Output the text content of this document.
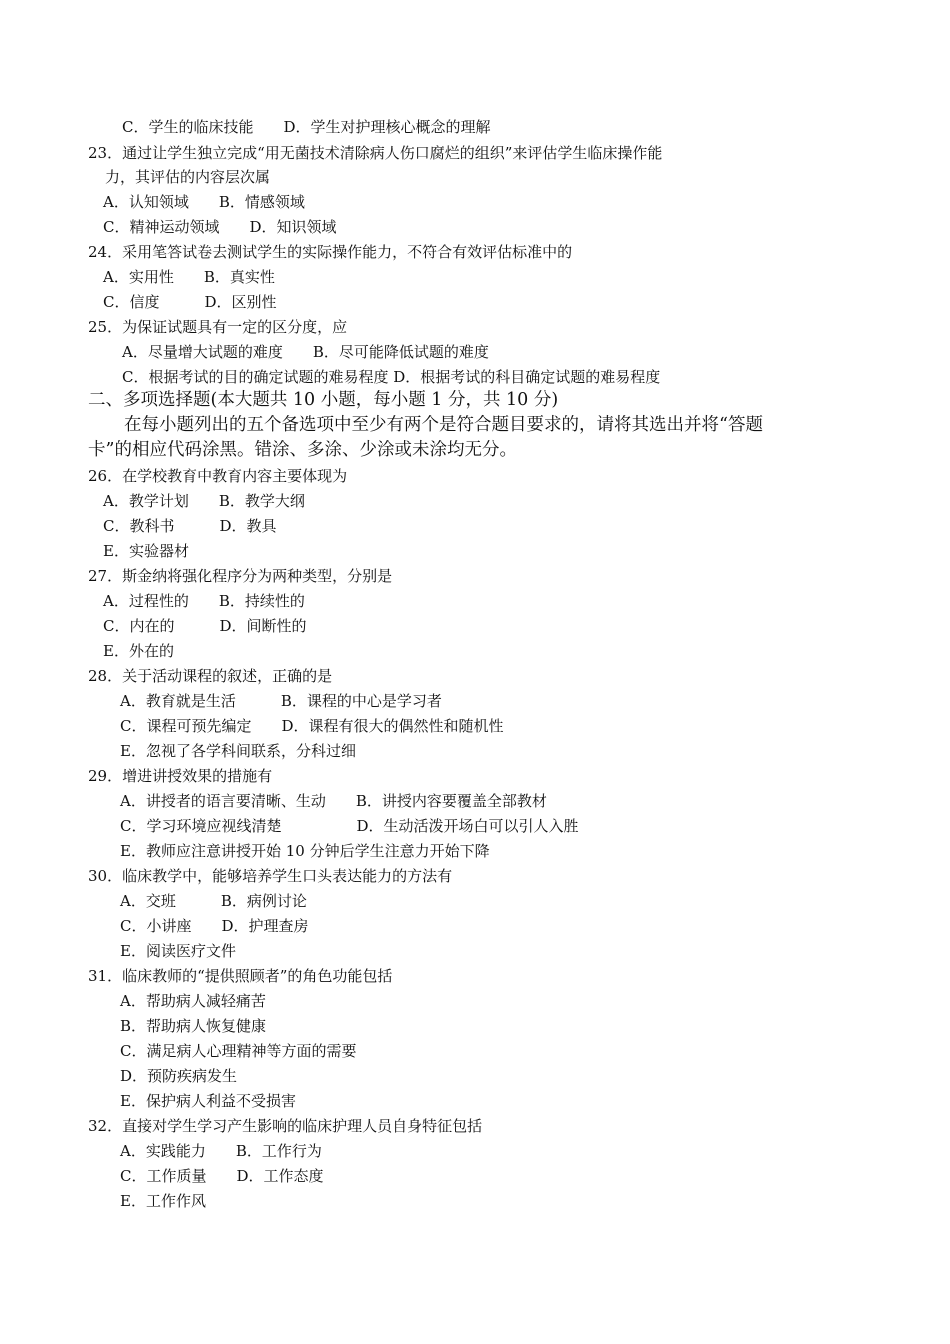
C．学生的临床技能　　D．学生对护理核心概念的理解
23．通过让学生独立完成“用无菌技术清除病人伤口腐烂的组织”来评估学生临床操作能
力，其评估的内容层次属
A．认知领域　　B．情感领域
C．精神运动领域　　D．知识领域
24．采用笔答试卷去测试学生的实际操作能力，不符合有效评估标准中的
A．实用性　　B．真实性
C．信度　　　D．区别性
25．为保证试题具有一定的区分度，应
A．尽量增大试题的难度　　B．尽可能降低试题的难度
C．根据考试的目的确定试题的难易程度 D．根据考试的科目确定试题的难易程度
二、多项选择题(本大题共 10 小题，每小题 1 分，共 10 分)
在每小题列出的五个备选项中至少有两个是符合题目要求的，请将其选出并将“答题
卡”的相应代码涂黑。错涂、多涂、少涂或未涂均无分。
26．在学校教育中教育内容主要体现为
A．教学计划　　B．教学大纲
C．教科书　　　D．教具
E．实验器材
27．斯金纳将强化程序分为两种类型，分别是
A．过程性的　　B．持续性的
C．内在的　　　D．间断性的
E．外在的
28．关于活动课程的叙述，正确的是
A．教育就是生活　　　B．课程的中心是学习者
C．课程可预先编定　　D．课程有很大的偶然性和随机性
E．忽视了各学科间联系，分科过细
29．增进讲授效果的措施有
A．讲授者的语言要清晰、生动　　B．讲授内容要覆盖全部教材
C．学习环境应视线清楚　　　　　D．生动活泼开场白可以引人入胜
E．教师应注意讲授开始 10 分钟后学生注意力开始下降
30．临床教学中，能够培养学生口头表达能力的方法有
A．交班　　　B．病例讨论
C．小讲座　　D．护理查房
E．阅读医疗文件
31．临床教师的“提供照顾者”的角色功能包括
A．帮助病人减轻痛苦
B．帮助病人恢复健康
C．满足病人心理精神等方面的需要
D．预防疾病发生
E．保护病人利益不受损害
32．直接对学生学习产生影响的临床护理人员自身特征包括
A．实践能力　　B．工作行为
C．工作质量　　D．工作态度
E．工作作风
